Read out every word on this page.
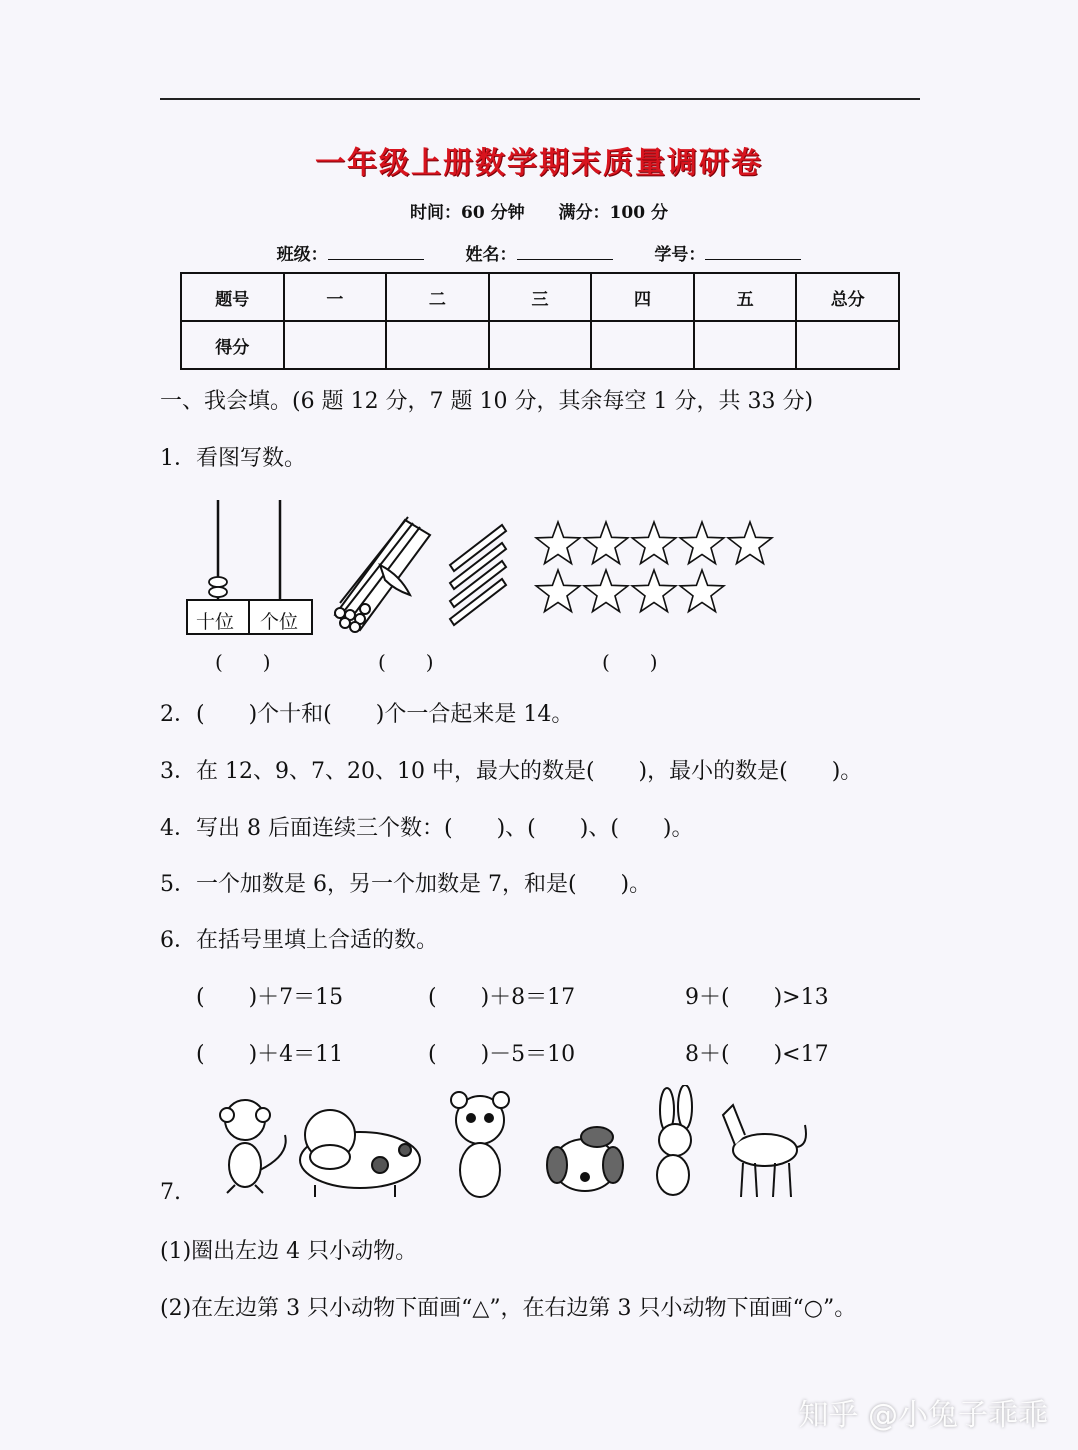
一年级上册数学期末质量调研卷
时间：60 分钟 满分：100 分
班级：	姓名：	学号：
题号	一	二	三	四	五	总分
得分						
一、我会填。(6 题 12 分，7 题 10 分，其余每空 1 分，共 33 分)
1．看图写数。
(　　)	(　　)	(　　)
十位 个位
2．(　　)个十和(　　)个一合起来是 14。
3．在 12、9、7、20、10 中，最大的数是(　　)，最小的数是(　　)。
4．写出 8 后面连续三个数：(　　)、(　　)、(　　)。
5．一个加数是 6，另一个加数是 7，和是(　　)。
6．在括号里填上合适的数。
(　　)＋7＝15	(　　)＋8＝17	9＋(　　)>13
(　　)＋4＝11	(　　)－5＝10	8＋(　　)<17
7.
(1)圈出左边 4 只小动物。
(2)在左边第 3 只小动物下面画“△”，在右边第 3 只小动物下面画“○”。
知乎 @小兔子乖乖
